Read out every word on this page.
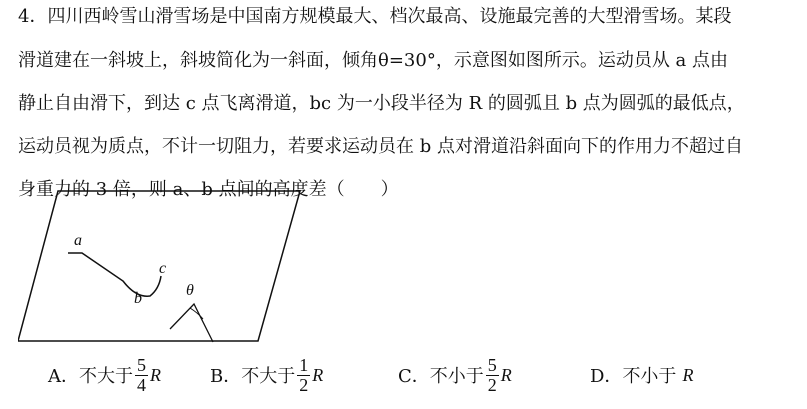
4．四川西岭雪山滑雪场是中国南方规模最大、档次最高、设施最完善的大型滑雪场。某段
滑道建在一斜坡上，斜坡简化为一斜面，倾角θ=30°，示意图如图所示。运动员从 a 点由
静止自由滑下，到达 c 点飞离滑道，bc 为一小段半径为 R 的圆弧且 b 点为圆弧的最低点，
运动员视为质点，不计一切阻力，若要求运动员在 b 点对滑道沿斜面向下的作用力不超过自
身重力的 3 倍，则 a、b 点间的高度差（　　）
a
b
c
θ
A． 不大于 $\frac{5}{4}$ R	B． 不大于 $\frac{1}{2}$ R	C． 不小于 $\frac{5}{2}$ R	D． 不小于 R
